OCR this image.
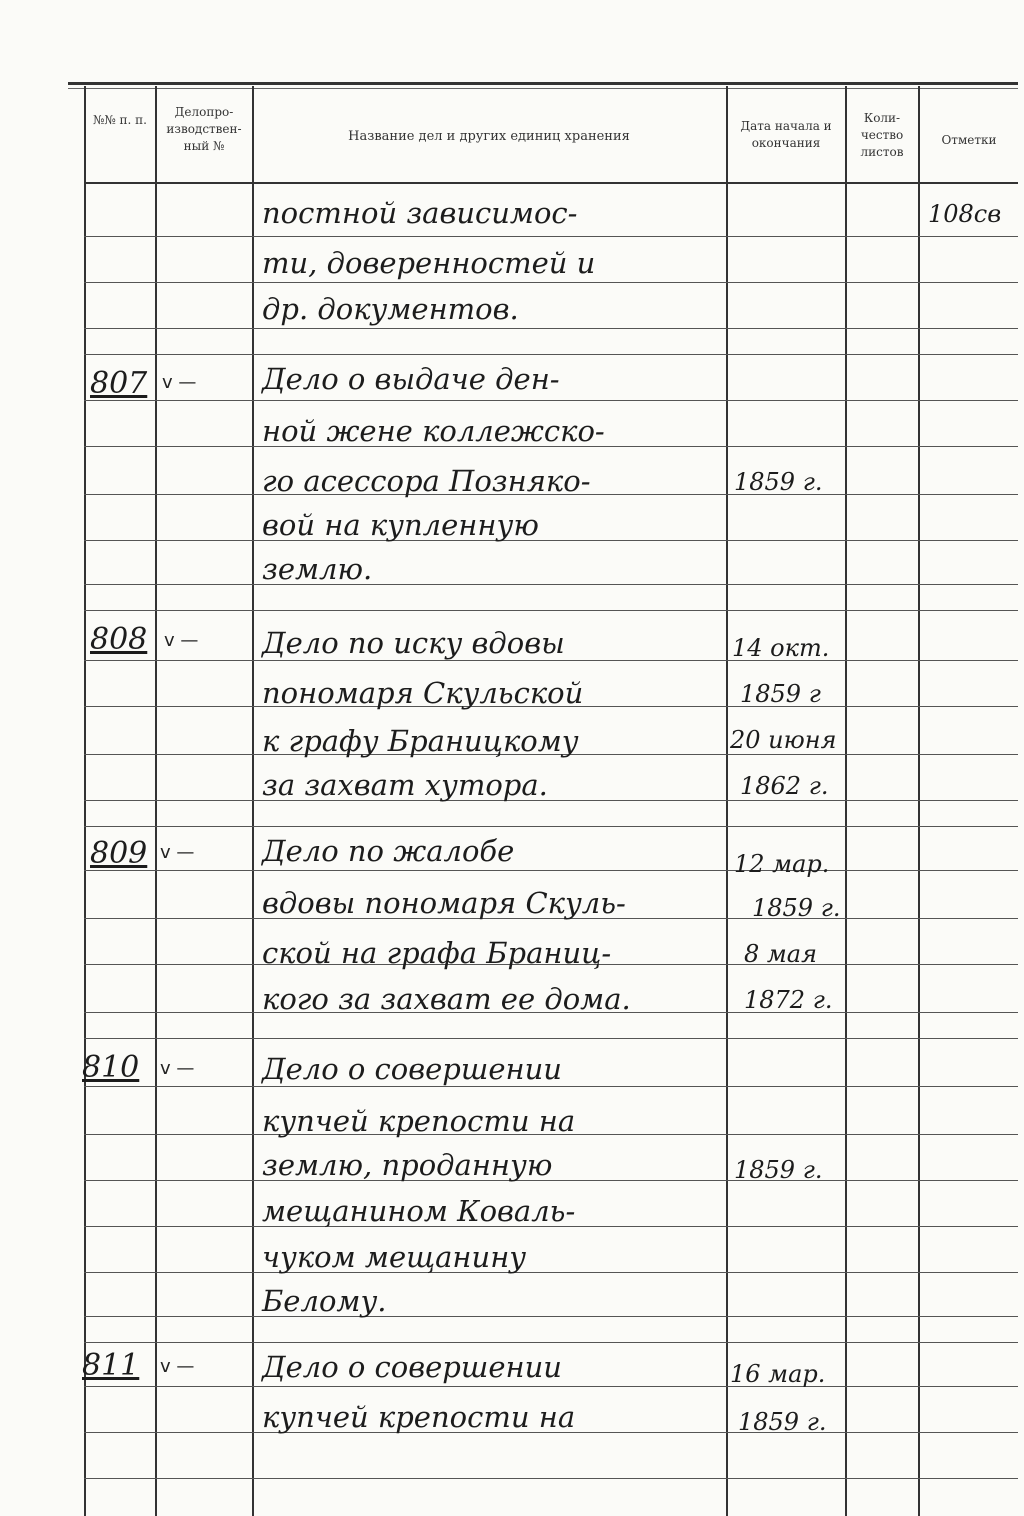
№№ п. п.
Делопро-изводствен-ный №
Название дел и других единиц хранения
Дата начала и окончания
Коли-чество листов
Отметки
постной зависимос-
ти, доверенностей и
др. документов.
108св
807 v — Дело о выдаче ден-
ной жене коллежско-
го асессора Позняко-
вой на купленную
землю.
1859 г.
808 v — Дело по иску вдовы
пономаря Скульской
к графу Браницкому
за захват хутора.
14 окт.
1859 г
20 июня
1862 г.
809 v — Дело по жалобе
вдовы пономаря Скуль-
ской на графа Браниц-
кого за захват ее дома.
12 мар.
1859 г.
8 мая
1872 г.
810 v — Дело о совершении
купчей крепости на
землю, проданную
мещанином Коваль-
чуком мещанину
Белому.
1859 г.
811 v — Дело о совершении
купчей крепости на
16 мар.
1859 г.
